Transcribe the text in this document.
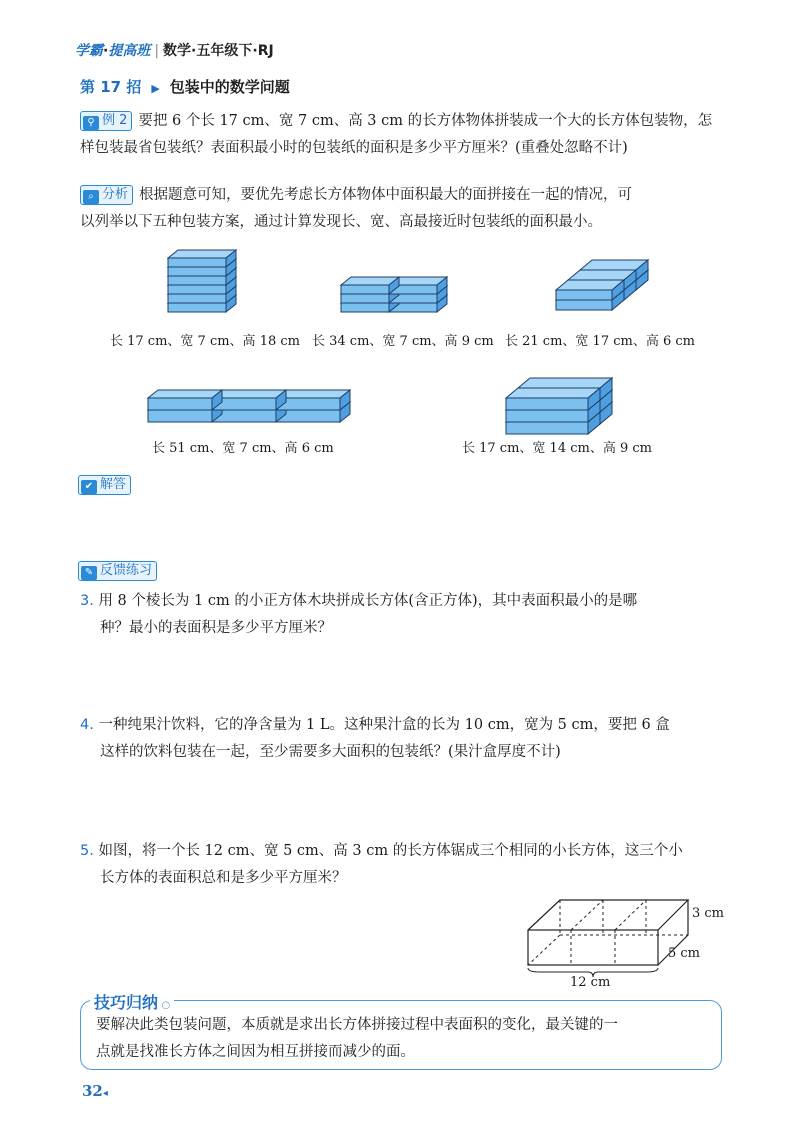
学霸·提高班 | 数学·五年级下·RJ
第 17 招 ▶ 包装中的数学问题
⚲ 例 2 要把 6 个长 17 cm、宽 7 cm、高 3 cm 的长方体物体拼装成一个大的长方体包装物，怎
样包装最省包装纸？表面积最小时的包装纸的面积是多少平方厘米？(重叠处忽略不计)
⌕ 分析 根据题意可知，要优先考虑长方体物体中面积最大的面拼接在一起的情况，可
以列举以下五种包装方案，通过计算发现长、宽、高最接近时包装纸的面积最小。
长 17 cm、宽 7 cm、高 18 cm 长 34 cm、宽 7 cm、高 9 cm 长 21 cm、宽 17 cm、高 6 cm
长 51 cm、宽 7 cm、高 6 cm	长 17 cm、宽 14 cm、高 9 cm
✔ 解答
✎ 反馈练习
3. 用 8 个棱长为 1 cm 的小正方体木块拼成长方体(含正方体)，其中表面积最小的是哪
种？最小的表面积是多少平方厘米？
4. 一种纯果汁饮料，它的净含量为 1 L。这种果汁盒的长为 10 cm，宽为 5 cm，要把 6 盒
这样的饮料包装在一起，至少需要多大面积的包装纸？(果汁盒厚度不计)
5. 如图，将一个长 12 cm、宽 5 cm、高 3 cm 的长方体锯成三个相同的小长方体，这三个小
长方体的表面积总和是多少平方厘米？
3 cm
5 cm
12 cm
技巧归纳 ○
要解决此类包装问题，本质就是求出长方体拼接过程中表面积的变化，最关键的一
点就是找准长方体之间因为相互拼接而减少的面。
32◂
